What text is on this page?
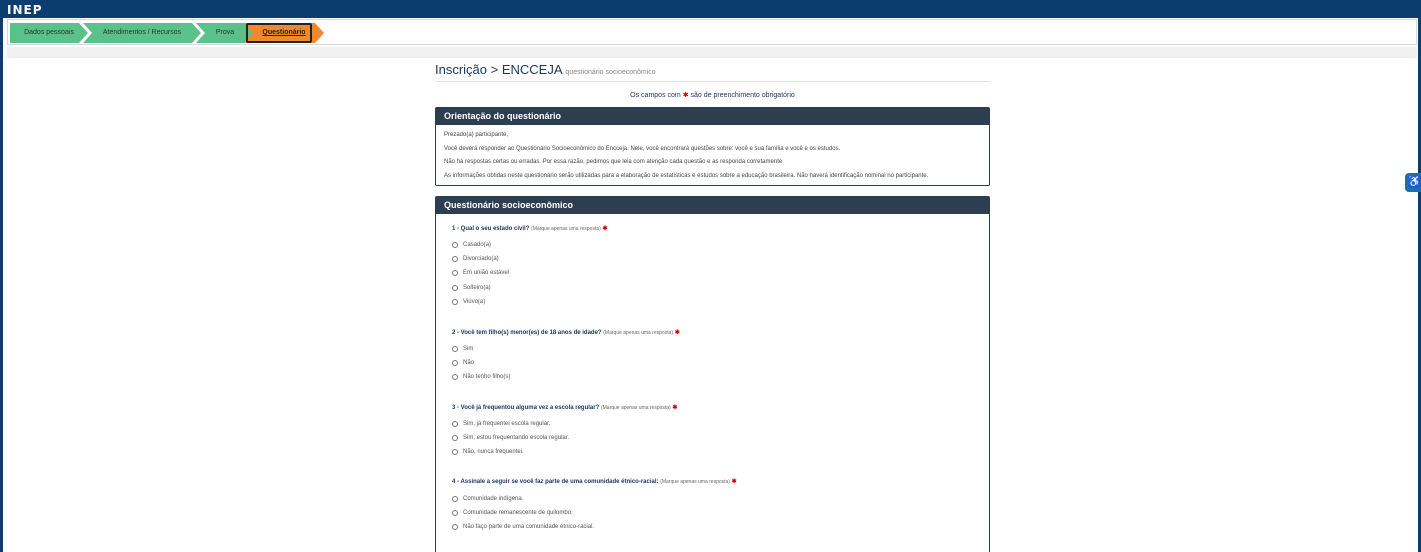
INEP
Dados pessoais	Atendimentos / Recursos	Prova	Questionário
Inscrição > ENCCEJA questionário socioeconômico
Os campos com ✱ são de preenchimento obrigatório
Orientação do questionário

Prezado(a) participante,

Você deverá responder ao Questionário Socioeconômico do Encceja. Nele, você encontrará questões sobre: você e sua família e você e os estudos.

Não há respostas certas ou erradas. Por essa razão, pedimos que leia com atenção cada questão e as responda corretamente

As informações obtidas neste questionário serão utilizadas para a elaboração de estatísticas e estudos sobre a educação brasileira. Não haverá identificação nominal no participante.

Questionário socioeconômico
1 - Qual o seu estado civil? (Marque apenas uma resposta) ✱
Casado(a)
Divorciado(a)
Em união estável
Solteiro(a)
Viúvo(a)
2 - Você tem filho(s) menor(es) de 18 anos de idade? (Marque apenas uma resposta) ✱
Sim
Não
Não tenho filho(s)
3 - Você já frequentou alguma vez a escola regular? (Marque apenas uma resposta) ✱
Sim, já frequentei escola regular.
Sim, estou frequentando escola regular.
Não, nunca frequentei.
4 - Assinale a seguir se você faz parte de uma comunidade étnico-racial: (Marque apenas uma resposta) ✱
Comunidade indígena.
Comunidade remanescente de quilombo.
Não faço parte de uma comunidade étnico-racial.
♿
